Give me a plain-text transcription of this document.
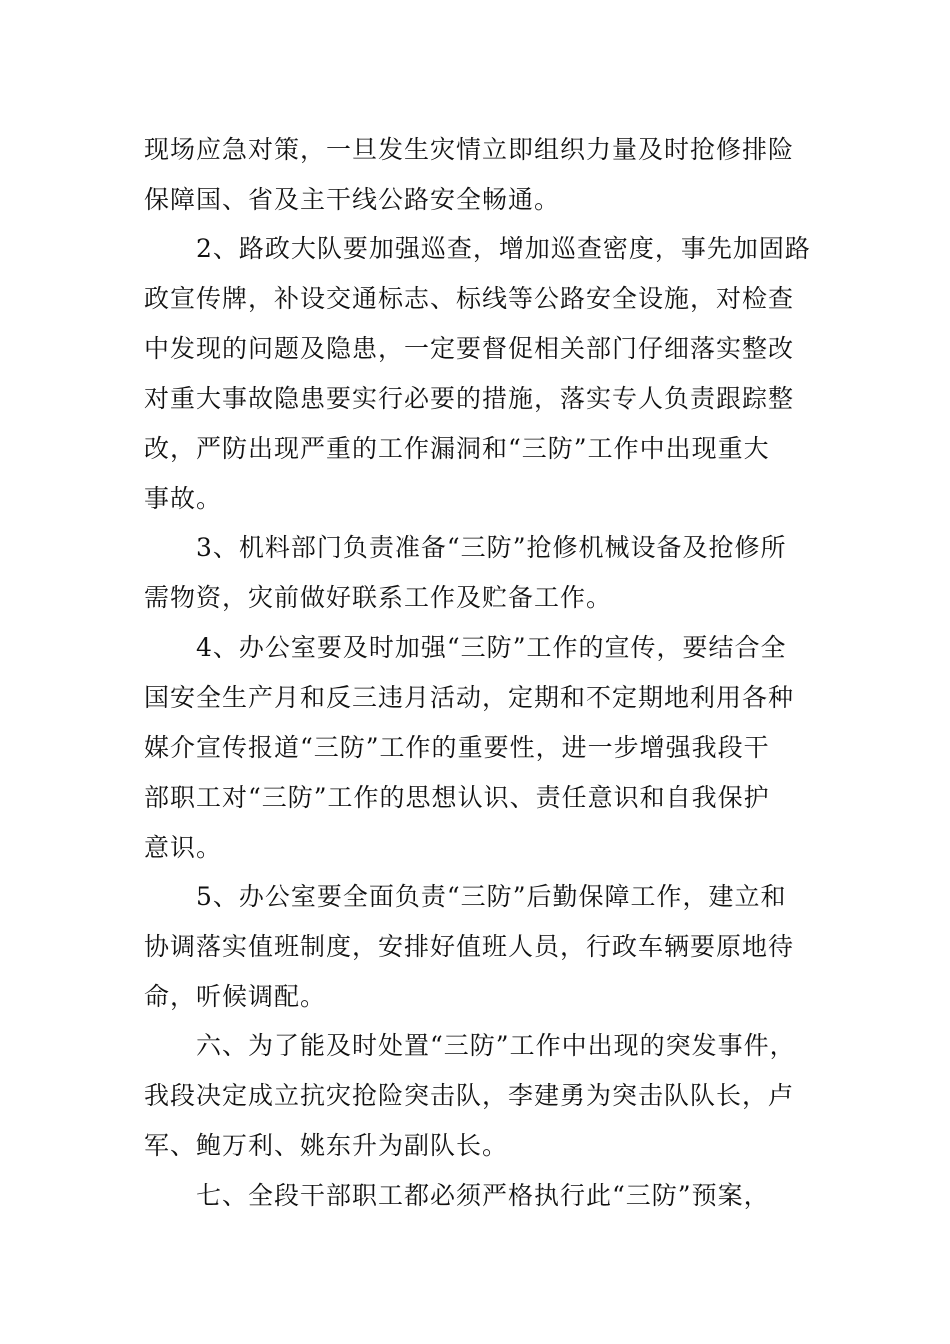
现场应急对策，一旦发生灾情立即组织力量及时抢修排险
保障国、省及主干线公路安全畅通。
2、路政大队要加强巡查，增加巡查密度，事先加固路
政宣传牌，补设交通标志、标线等公路安全设施，对检查
中发现的问题及隐患，一定要督促相关部门仔细落实整改
对重大事故隐患要实行必要的措施，落实专人负责跟踪整
改，严防出现严重的工作漏洞和“三防”工作中出现重大
事故。
3、机料部门负责准备“三防”抢修机械设备及抢修所
需物资，灾前做好联系工作及贮备工作。
4、办公室要及时加强“三防”工作的宣传，要结合全
国安全生产月和反三违月活动，定期和不定期地利用各种
媒介宣传报道“三防”工作的重要性，进一步增强我段干
部职工对“三防”工作的思想认识、责任意识和自我保护
意识。
5、办公室要全面负责“三防”后勤保障工作，建立和
协调落实值班制度，安排好值班人员，行政车辆要原地待
命，听候调配。
六、为了能及时处置“三防”工作中出现的突发事件，
我段决定成立抗灾抢险突击队，李建勇为突击队队长，卢
军、鲍万利、姚东升为副队长。
七、全段干部职工都必须严格执行此“三防”预案，
